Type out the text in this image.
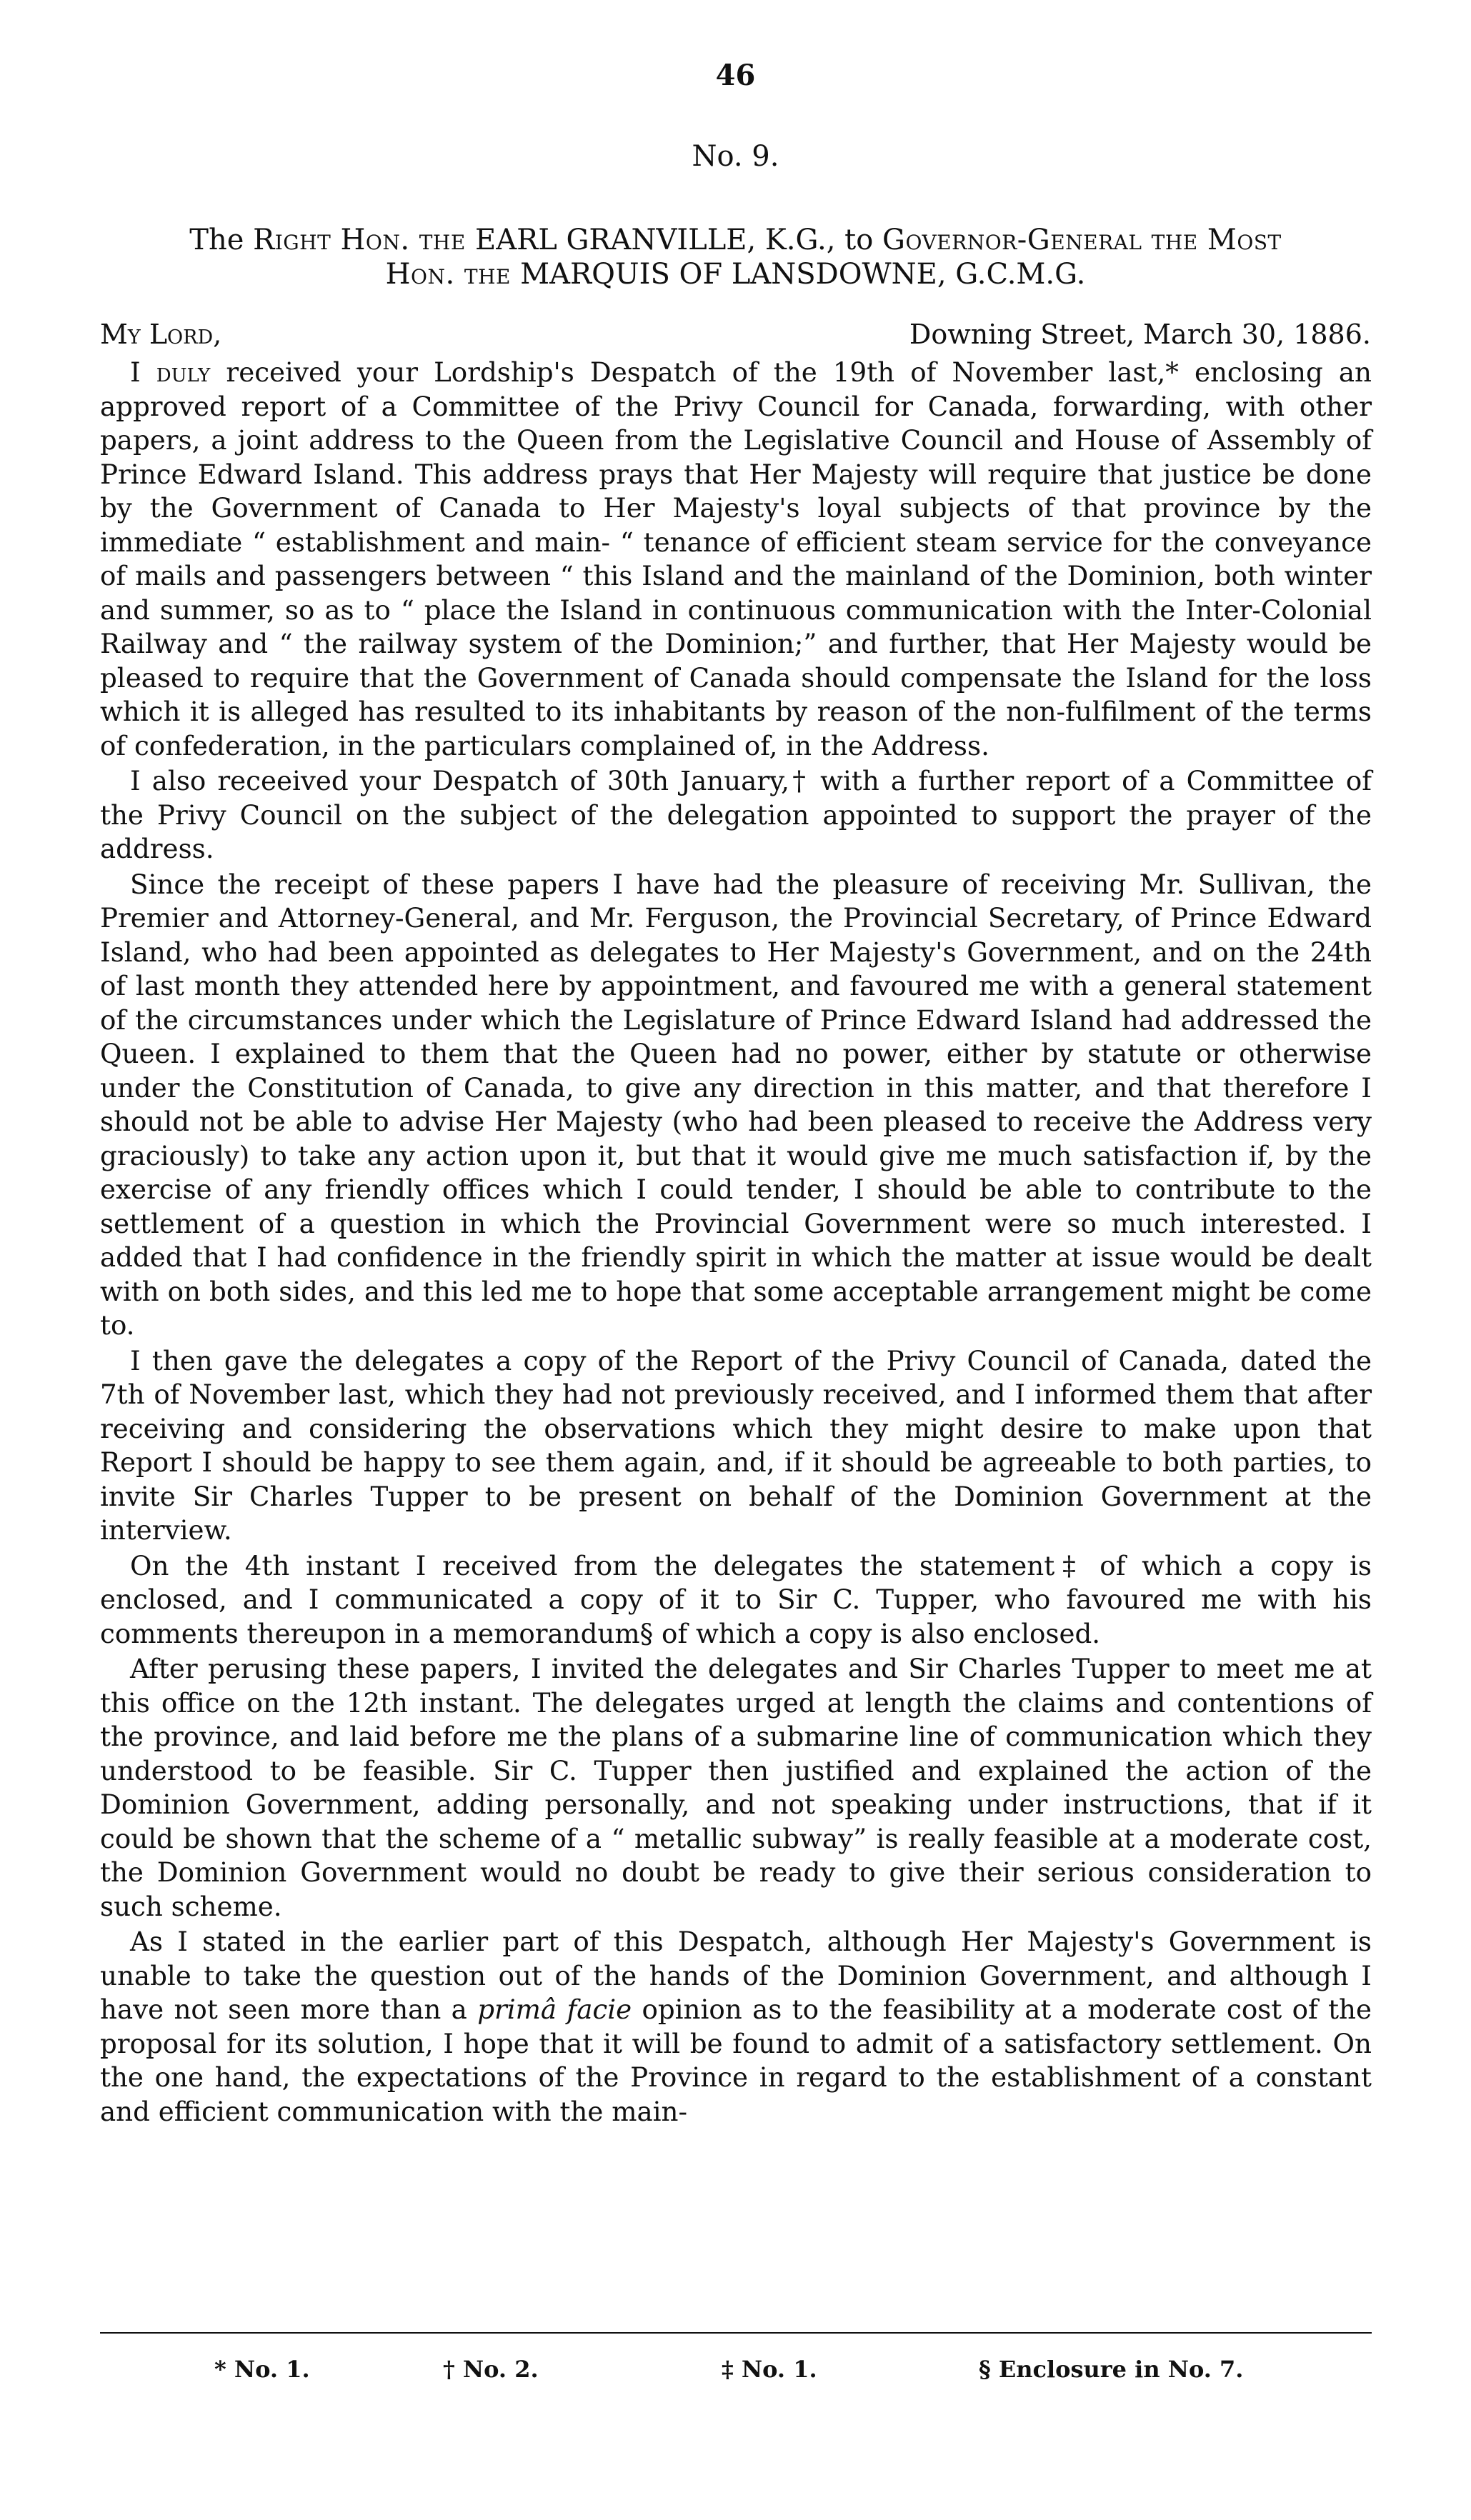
46
No. 9.
The Right Hon. the EARL GRANVILLE, K.G., to Governor-General the Most
Hon. the MARQUIS OF LANSDOWNE, G.C.M.G.
My Lord,	Downing Street, March 30, 1886.

I duly received your Lordship's Despatch of the 19th of November last,* enclosing an approved report of a Committee of the Privy Council for Canada, forwarding, with other papers, a joint address to the Queen from the Legislative Council and House of Assembly of Prince Edward Island. This address prays that Her Majesty will require that justice be done by the Government of Canada to Her Majesty's loyal subjects of that province by the immediate “ establishment and main- “ tenance of efficient steam service for the conveyance of mails and passengers between “ this Island and the mainland of the Dominion, both winter and summer, so as to “ place the Island in continuous communication with the Inter-Colonial Railway and “ the railway system of the Dominion;” and further, that Her Majesty would be pleased to require that the Government of Canada should compensate the Island for the loss which it is alleged has resulted to its inhabitants by reason of the non-fulfilment of the terms of confederation, in the particulars complained of, in the Address.

I also receeived your Despatch of 30th January,† with a further report of a Committee of the Privy Council on the subject of the delegation appointed to support the prayer of the address.

Since the receipt of these papers I have had the pleasure of receiving Mr. Sullivan, the Premier and Attorney-General, and Mr. Ferguson, the Provincial Secretary, of Prince Edward Island, who had been appointed as delegates to Her Majesty's Government, and on the 24th of last month they attended here by appointment, and favoured me with a general statement of the circumstances under which the Legislature of Prince Edward Island had addressed the Queen. I explained to them that the Queen had no power, either by statute or otherwise under the Constitution of Canada, to give any direction in this matter, and that therefore I should not be able to advise Her Majesty (who had been pleased to receive the Address very graciously) to take any action upon it, but that it would give me much satisfaction if, by the exercise of any friendly offices which I could tender, I should be able to contribute to the settlement of a question in which the Provincial Government were so much interested. I added that I had confidence in the friendly spirit in which the matter at issue would be dealt with on both sides, and this led me to hope that some acceptable arrangement might be come to.

I then gave the delegates a copy of the Report of the Privy Council of Canada, dated the 7th of November last, which they had not previously received, and I informed them that after receiving and considering the observations which they might desire to make upon that Report I should be happy to see them again, and, if it should be agreeable to both parties, to invite Sir Charles Tupper to be present on behalf of the Dominion Government at the interview.

On the 4th instant I received from the delegates the statement‡ of which a copy is enclosed, and I communicated a copy of it to Sir C. Tupper, who favoured me with his comments thereupon in a memorandum§ of which a copy is also enclosed.

After perusing these papers, I invited the delegates and Sir Charles Tupper to meet me at this office on the 12th instant. The delegates urged at length the claims and contentions of the province, and laid before me the plans of a submarine line of communication which they understood to be feasible. Sir C. Tupper then justified and explained the action of the Dominion Government, adding personally, and not speaking under instructions, that if it could be shown that the scheme of a “ metallic subway” is really feasible at a moderate cost, the Dominion Government would no doubt be ready to give their serious consideration to such scheme.

As I stated in the earlier part of this Despatch, although Her Majesty's Government is unable to take the question out of the hands of the Dominion Government, and although I have not seen more than a primâ facie opinion as to the feasibility at a moderate cost of the proposal for its solution, I hope that it will be found to admit of a satisfactory settlement. On the one hand, the expectations of the Province in regard to the establishment of a constant and efficient communication with the main-

* No. 1.	† No. 2.	‡ No. 1.	§ Enclosure in No. 7.
